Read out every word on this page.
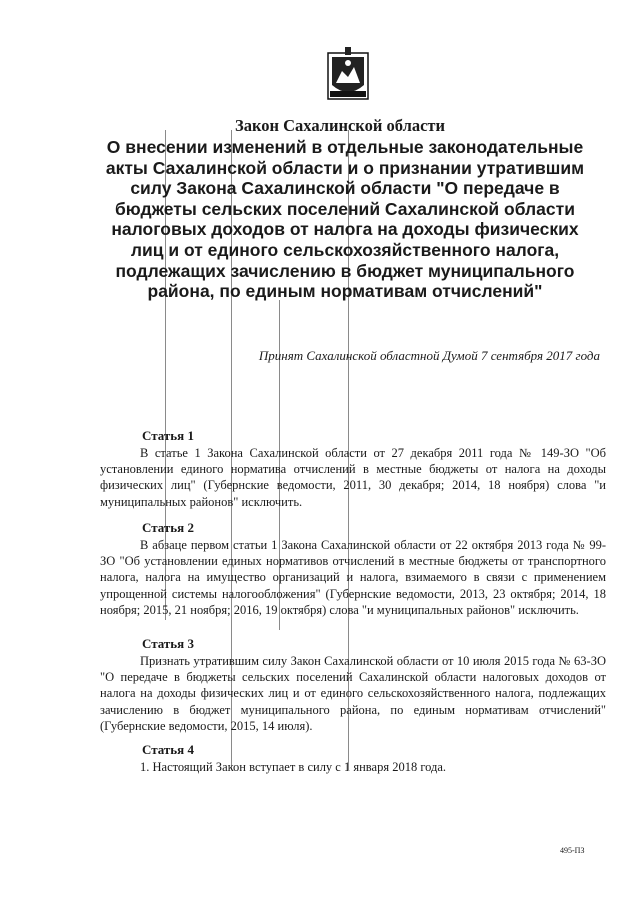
Закон Сахалинской области
О внесении изменений в отдельные законодательные акты Сахалинской области и о признании утратившим силу Закона Сахалинской области "О передаче в бюджеты сельских поселений Сахалинской области налоговых доходов от налога на доходы физических лиц и от единого сельскохозяйственного налога, подлежащих зачислению в бюджет муниципального района, по единым нормативам отчислений"

Принят Сахалинской областной Думой 7 сентября 2017 года

Статья 1

В статье 1 Закона Сахалинской области от 27 декабря 2011 года № 149-ЗО "Об установлении единого норматива отчислений в местные бюджеты от налога на доходы физических лиц" (Губернские ведомости, 2011, 30 декабря; 2014, 18 ноября) слова "и муниципальных районов" исключить.

Статья 2

В абзаце первом статьи 1 Закона Сахалинской области от 22 октября 2013 года № 99-ЗО "Об установлении единых нормативов отчислений в местные бюджеты от транспортного налога, налога на имущество организаций и налога, взимаемого в связи с применением упрощенной системы налогообложения" (Губернские ведомости, 2013, 23 октября; 2014, 18 ноября; 2015, 21 ноября; 2016, 19 октября) слова "и муниципальных районов" исключить.

Статья 3

Признать утратившим силу Закон Сахалинской области от 10 июля 2015 года № 63-ЗО "О передаче в бюджеты сельских поселений Сахалинской области налоговых доходов от налога на доходы физических лиц и от единого сельскохозяйственного налога, подлежащих зачислению в бюджет муниципального района, по единым нормативам отчислений" (Губернские ведомости, 2015, 14 июля).

Статья 4

1. Настоящий Закон вступает в силу с 1 января 2018 года.

495-ПЗ
